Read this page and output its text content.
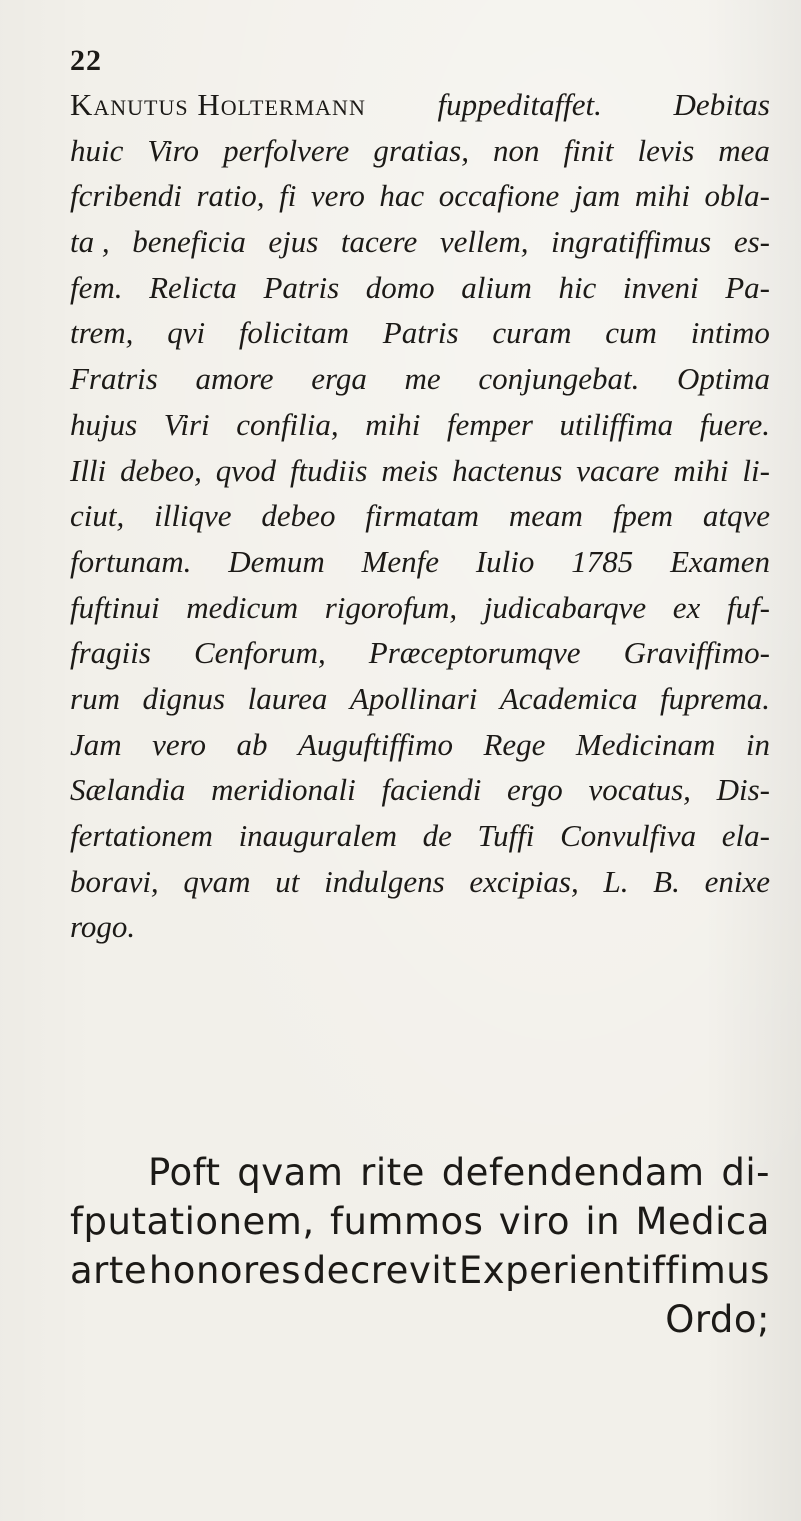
22
Kanutus Holtermann fuppeditaffet. Debitas
huic Viro perfolvere gratias, non finit levis mea
fcribendi ratio, fi vero hac occafione jam mihi obla-
ta , beneficia ejus tacere vellem, ingratiffimus es-
fem. Relicta Patris domo alium hic inveni Pa-
trem, qvi folicitam Patris curam cum intimo
Fratris amore erga me conjungebat. Optima
hujus Viri confilia, mihi femper utiliffima fuere.
Illi debeo, qvod ftudiis meis hactenus vacare mihi li-
ciut, illiqve debeo firmatam meam fpem atqve
fortunam. Demum Menfe Iulio 1785 Examen
fuftinui medicum rigorofum, judicabarqve ex fuf-
fragiis Cenforum, Præceptorumqve Graviffimo-
rum dignus laurea Apollinari Academica fuprema.
Jam vero ab Auguftiffimo Rege Medicinam in
Sælandia meridionali faciendi ergo vocatus, Dis-
fertationem inauguralem de Tuffi Convulfiva ela-
boravi, qvam ut indulgens excipias, L. B. enixe
rogo.
Poft qvam rite defendendam di-
fputationem, fummos viro in Medica
arte honores decrevit Experientiffimus
Ordo;
